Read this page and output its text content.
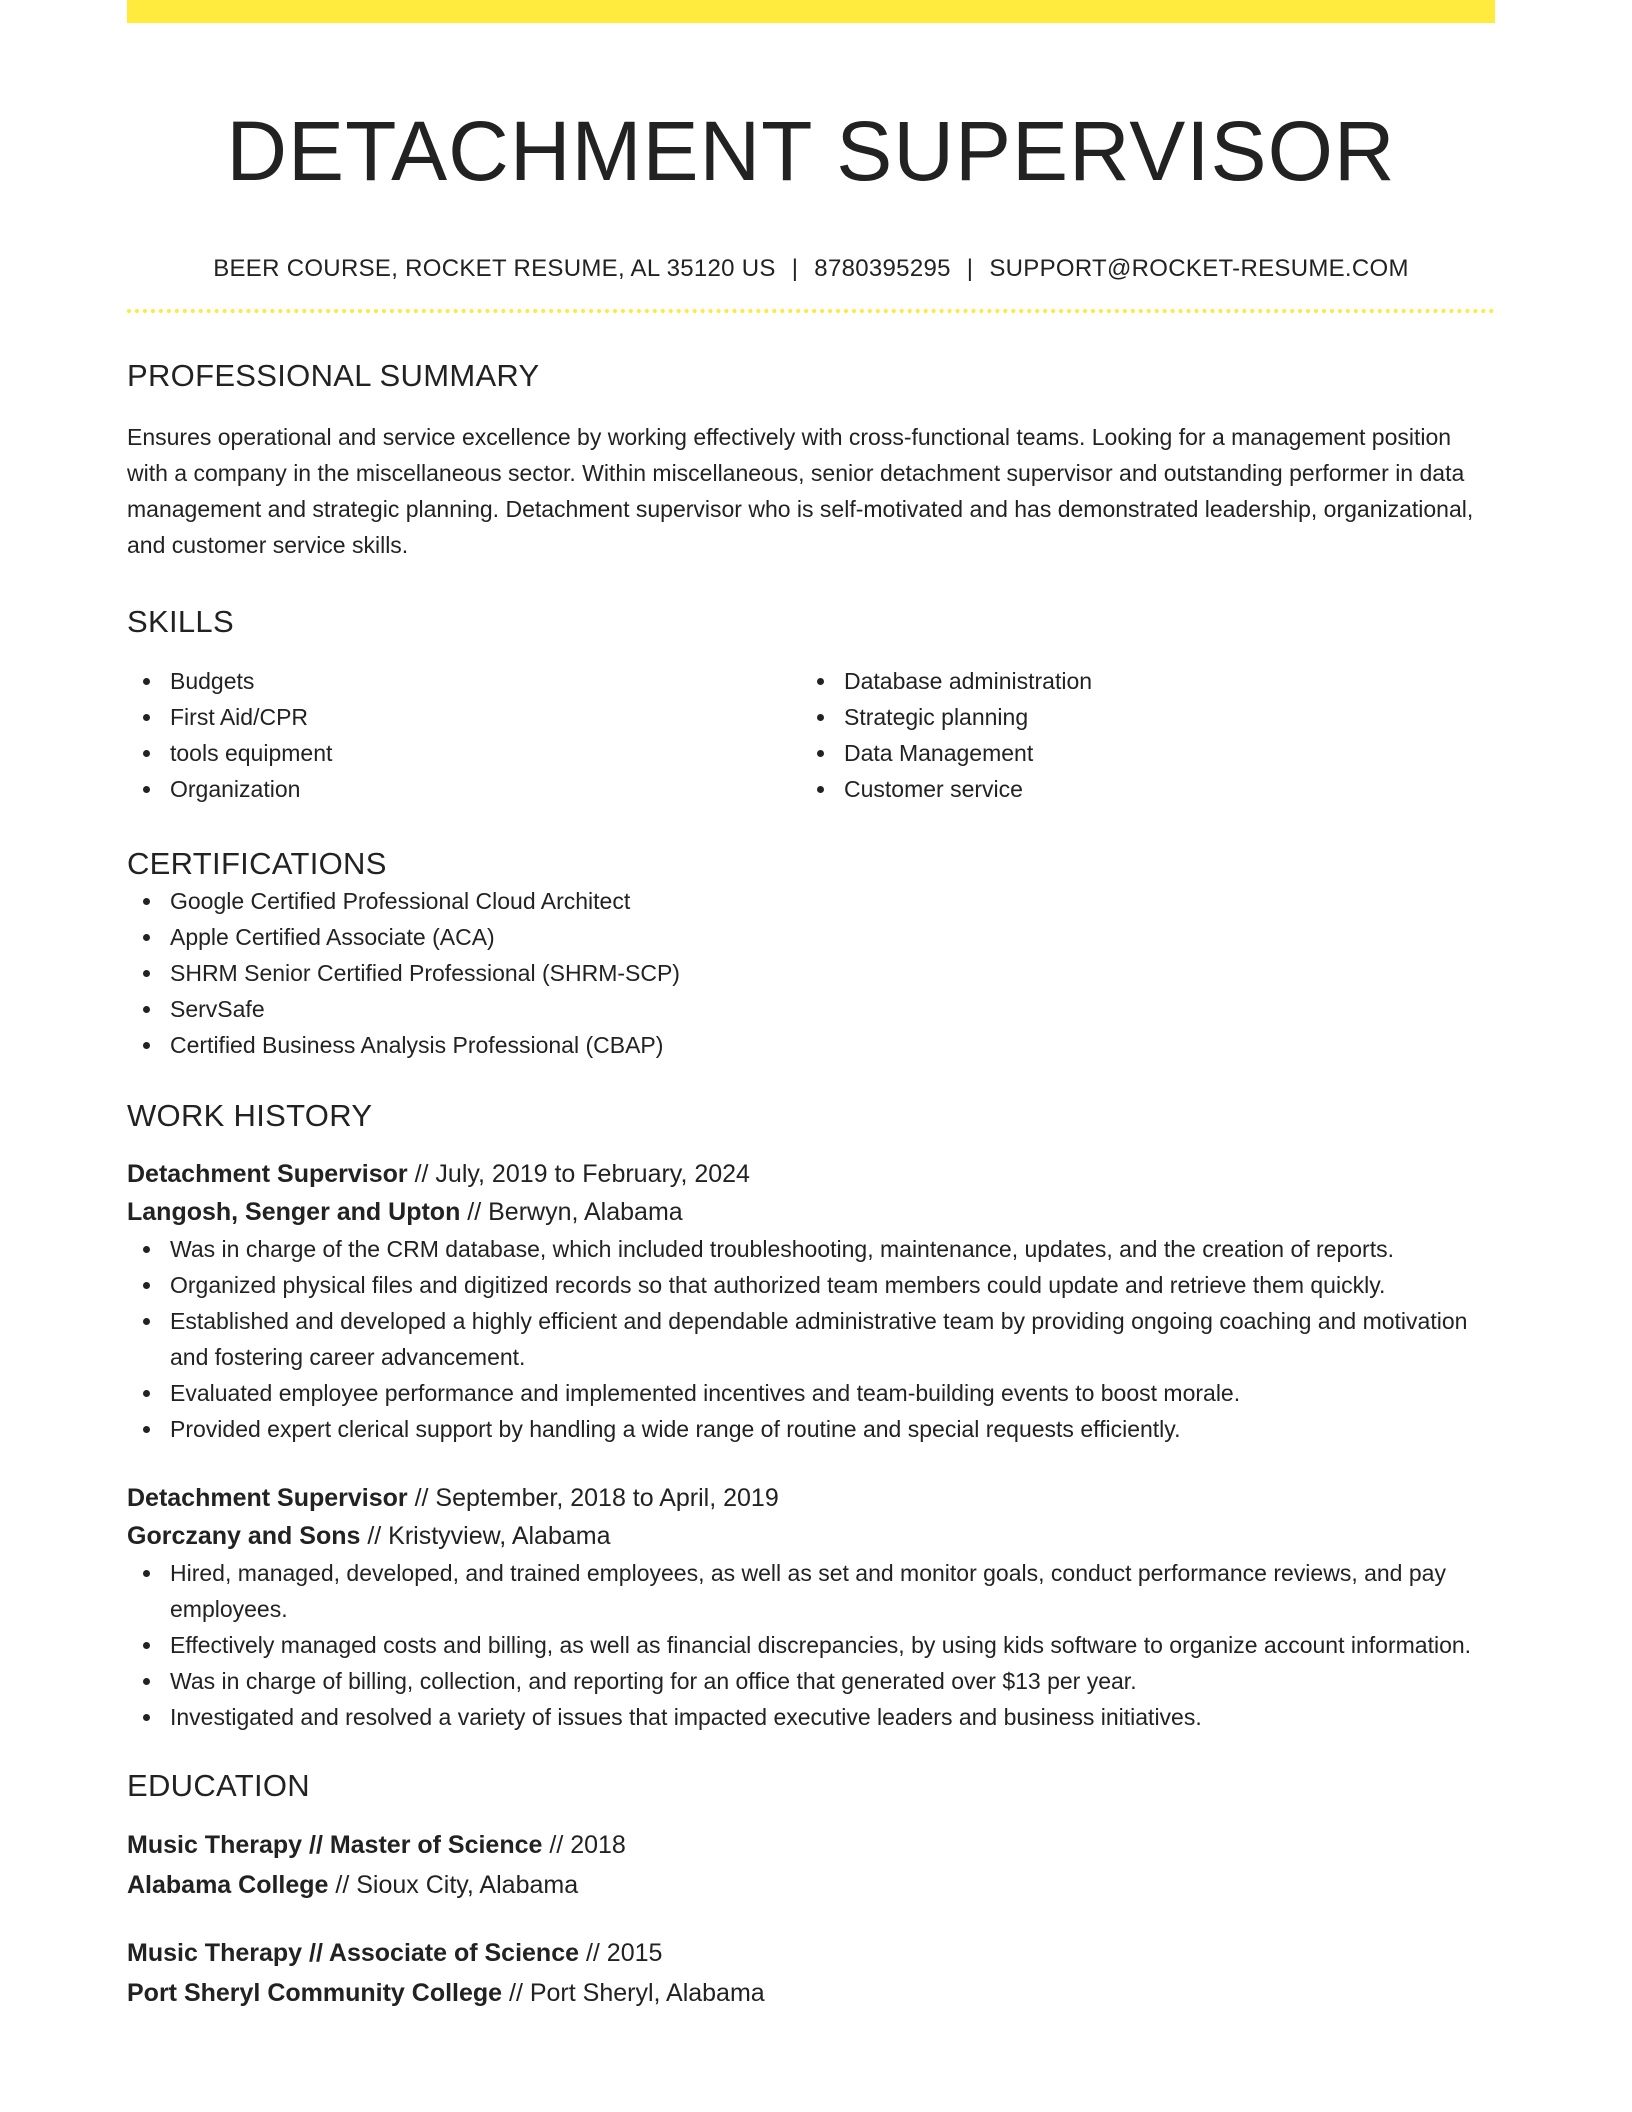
DETACHMENT SUPERVISOR
BEER COURSE, ROCKET RESUME, AL 35120 US | 8780395295 | SUPPORT@ROCKET-RESUME.COM
PROFESSIONAL SUMMARY
Ensures operational and service excellence by working effectively with cross-functional teams. Looking for a management position with a company in the miscellaneous sector. Within miscellaneous, senior detachment supervisor and outstanding performer in data management and strategic planning. Detachment supervisor who is self-motivated and has demonstrated leadership, organizational, and customer service skills.
SKILLS
Budgets
First Aid/CPR
tools equipment
Organization
Database administration
Strategic planning
Data Management
Customer service
CERTIFICATIONS
Google Certified Professional Cloud Architect
Apple Certified Associate (ACA)
SHRM Senior Certified Professional (SHRM-SCP)
ServSafe
Certified Business Analysis Professional (CBAP)
WORK HISTORY
Detachment Supervisor // July, 2019 to February, 2024
Langosh, Senger and Upton // Berwyn, Alabama
Was in charge of the CRM database, which included troubleshooting, maintenance, updates, and the creation of reports.
Organized physical files and digitized records so that authorized team members could update and retrieve them quickly.
Established and developed a highly efficient and dependable administrative team by providing ongoing coaching and motivation and fostering career advancement.
Evaluated employee performance and implemented incentives and team-building events to boost morale.
Provided expert clerical support by handling a wide range of routine and special requests efficiently.
Detachment Supervisor // September, 2018 to April, 2019
Gorczany and Sons // Kristyview, Alabama
Hired, managed, developed, and trained employees, as well as set and monitor goals, conduct performance reviews, and pay employees.
Effectively managed costs and billing, as well as financial discrepancies, by using kids software to organize account information.
Was in charge of billing, collection, and reporting for an office that generated over $13 per year.
Investigated and resolved a variety of issues that impacted executive leaders and business initiatives.
EDUCATION
Music Therapy // Master of Science // 2018
Alabama College // Sioux City, Alabama
Music Therapy // Associate of Science // 2015
Port Sheryl Community College // Port Sheryl, Alabama
